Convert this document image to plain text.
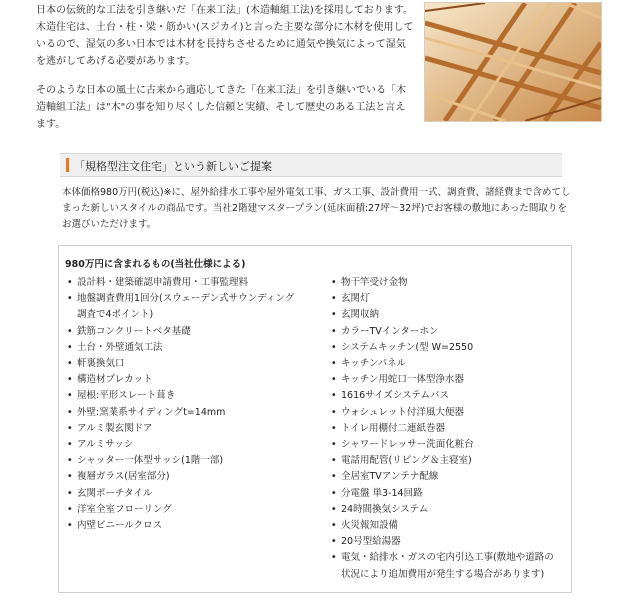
日本の伝統的な工法を引き継いだ「在来工法」(木造軸組工法)を採用しております。木造住宅は、土台・柱・梁・筋かい(スジカイ)と言った主要な部分に木材を使用しているので、湿気の多い日本では木材を長持ちさせるために通気や換気によって湿気を逃がしてあげる必要があります。

そのような日本の風土に古来から適応してきた「在来工法」を引き継いでいる「木造軸組工法」は"木"の事を知り尽くした信頼と実績、そして歴史のある工法と言えます。

「規格型注文住宅」という新しいご提案
本体価格980万円(税込)※に、屋外給排水工事や屋外電気工事、ガス工事、設計費用一式、調査費、諸経費まで含めてしまった新しいスタイルの商品です。当社2階建マスタープラン(延床面積:27坪～32坪)でお客様の敷地にあった間取りをお選びいただけます。
980万円に含まれるもの(当社仕様による)
• 設計料・建築確認申請費用・工事監理料
• 地盤調査費用1回分(スウェーデン式サウンディング
調査で4ポイント)
• 鉄筋コンクリートベタ基礎
• 土台・外壁通気工法
• 軒裏換気口
• 構造材プレカット
• 屋根:平形スレート葺き
• 外壁:窯業系サイディングt=14mm
• アルミ製玄関ドア
• アルミサッシ
• シャッター一体型サッシ(1階一部)
• 複層ガラス(居室部分)
• 玄関ポーチタイル
• 洋室全室フローリング
• 内壁ビニールクロス
• 物干竿受け金物
• 玄関灯
• 玄関収納
• カラーTVインターホン
• システムキッチン(型 W=2550
• キッチンパネル
• キッチン用蛇口一体型浄水器
• 1616サイズシステムバス
• ウォシュレット付洋風大便器
• トイレ用棚付二連紙巻器
• シャワードレッサー洗面化粧台
• 電話用配管(リビング＆主寝室)
• 全居室TVアンテナ配線
• 分電盤 単3-14回路
• 24時間換気システム
• 火災報知設備
• 20号型給湯器
• 電気・給排水・ガスの宅内引込工事(敷地や道路の
状況により追加費用が発生する場合があります)
